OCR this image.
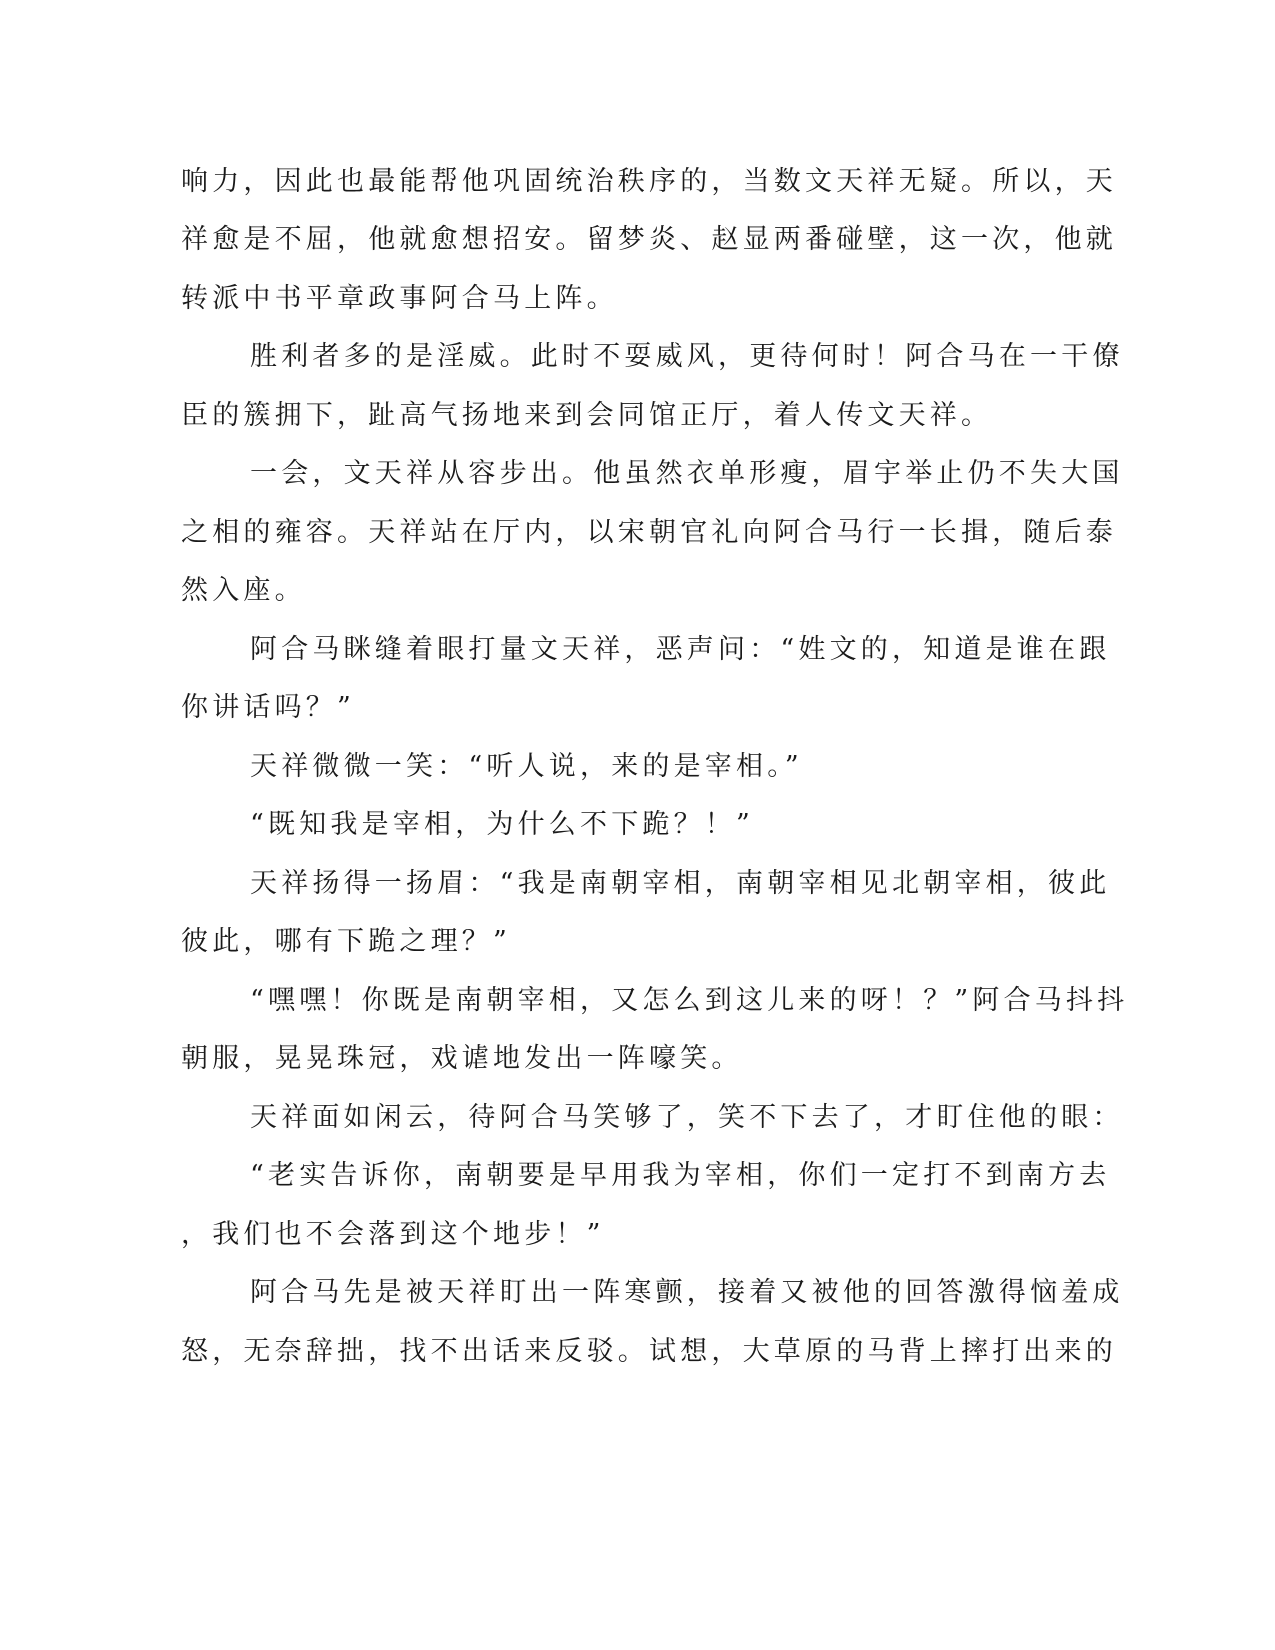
响力，因此也最能帮他巩固统治秩序的，当数文天祥无疑。所以，天
祥愈是不屈，他就愈想招安。留梦炎、赵显两番碰壁，这一次，他就
转派中书平章政事阿合马上阵。
胜利者多的是淫威。此时不耍威风，更待何时！阿合马在一干僚
臣的簇拥下，趾高气扬地来到会同馆正厅，着人传文天祥。
一会，文天祥从容步出。他虽然衣单形瘦，眉宇举止仍不失大国
之相的雍容。天祥站在厅内，以宋朝官礼向阿合马行一长揖，随后泰
然入座。
阿合马眯缝着眼打量文天祥，恶声问：“姓文的，知道是谁在跟
你讲话吗？”
天祥微微一笑：“听人说，来的是宰相。”
“既知我是宰相，为什么不下跪？！”
天祥扬得一扬眉：“我是南朝宰相，南朝宰相见北朝宰相，彼此
彼此，哪有下跪之理？”
“嘿嘿！你既是南朝宰相，又怎么到这儿来的呀！？”阿合马抖抖
朝服，晃晃珠冠，戏谑地发出一阵嚎笑。
天祥面如闲云，待阿合马笑够了，笑不下去了，才盯住他的眼：
“老实告诉你，南朝要是早用我为宰相，你们一定打不到南方去
，我们也不会落到这个地步！”
阿合马先是被天祥盯出一阵寒颤，接着又被他的回答激得恼羞成
怒，无奈辞拙，找不出话来反驳。试想，大草原的马背上摔打出来的
